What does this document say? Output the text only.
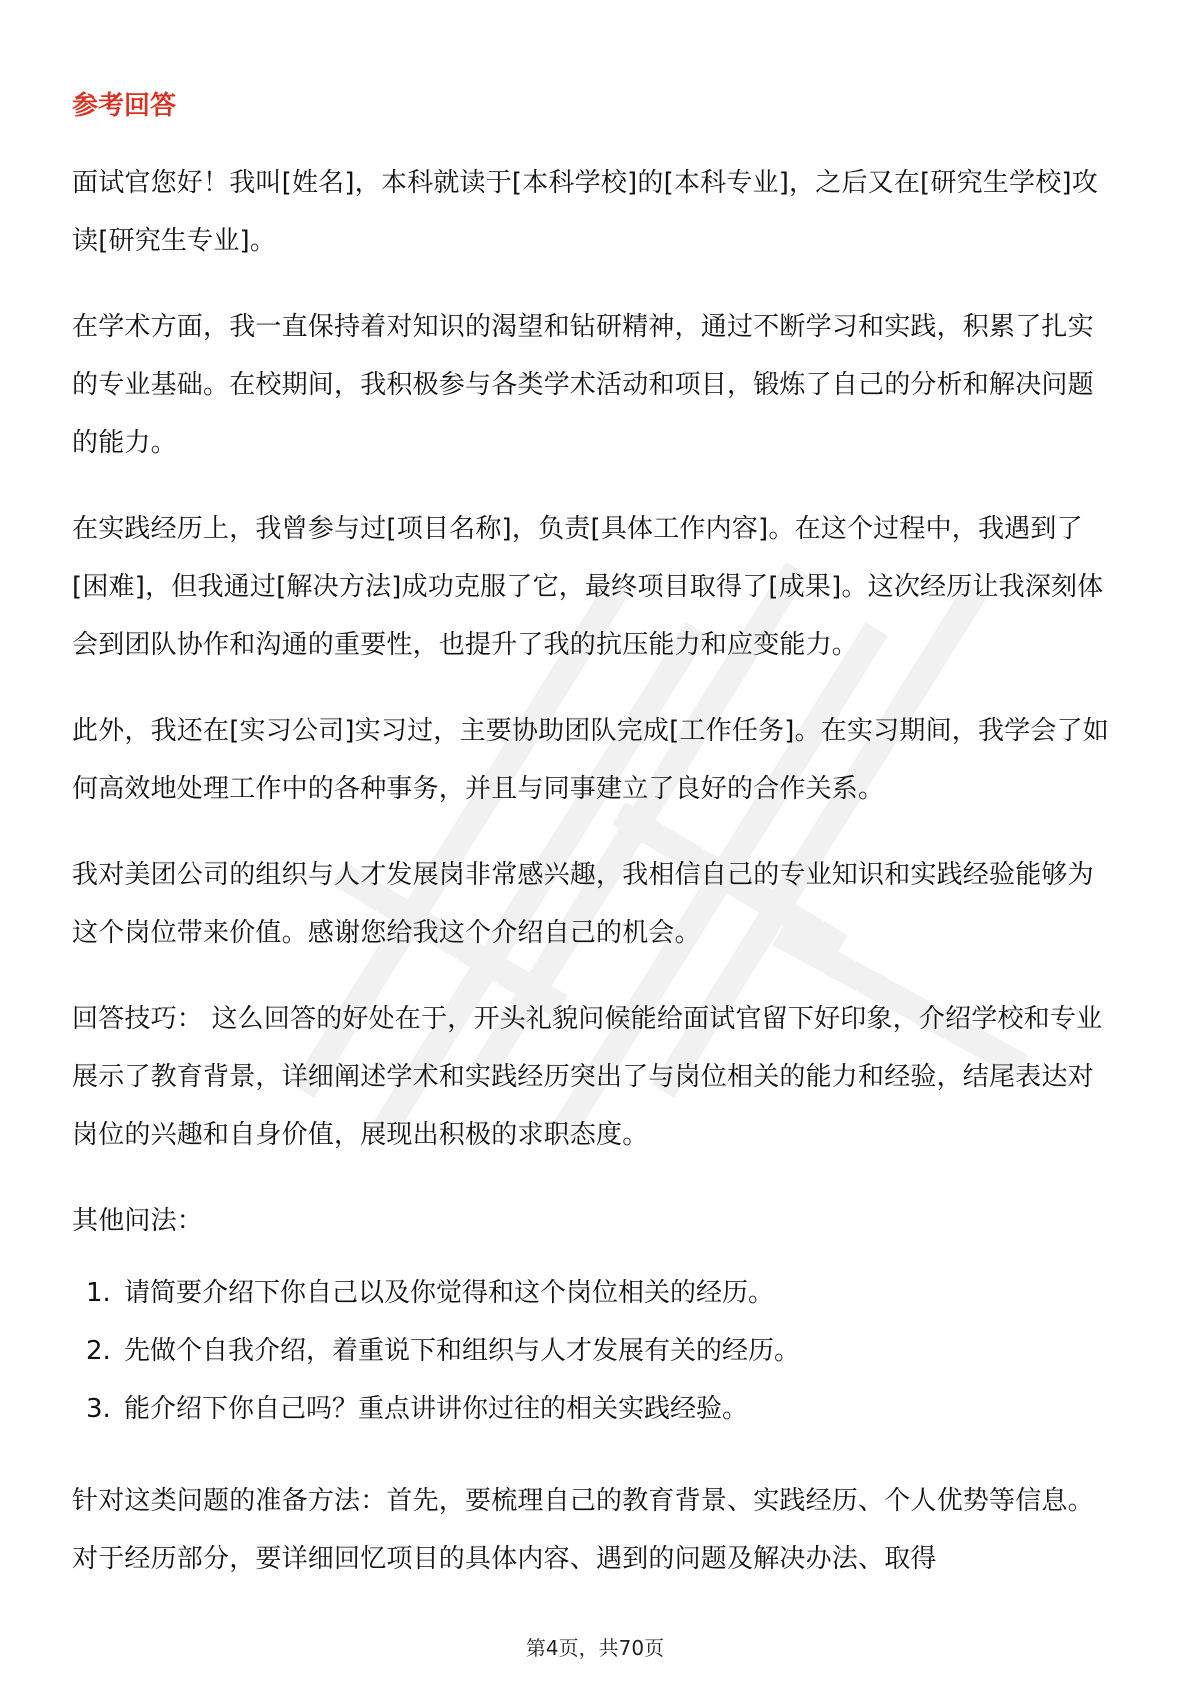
参考回答

面试官您好！我叫[姓名]，本科就读于[本科学校]的[本科专业]，之后又在[研究生学校]攻读[研究生专业]。

在学术方面，我一直保持着对知识的渴望和钻研精神，通过不断学习和实践，积累了扎实的专业基础。在校期间，我积极参与各类学术活动和项目，锻炼了自己的分析和解决问题的能力。

在实践经历上，我曾参与过[项目名称]，负责[具体工作内容]。在这个过程中，我遇到了[困难]，但我通过[解决方法]成功克服了它，最终项目取得了[成果]。这次经历让我深刻体会到团队协作和沟通的重要性，也提升了我的抗压能力和应变能力。

此外，我还在[实习公司]实习过，主要协助团队完成[工作任务]。在实习期间，我学会了如何高效地处理工作中的各种事务，并且与同事建立了良好的合作关系。

我对美团公司的组织与人才发展岗非常感兴趣，我相信自己的专业知识和实践经验能够为这个岗位带来价值。感谢您给我这个介绍自己的机会。

回答技巧： 这么回答的好处在于，开头礼貌问候能给面试官留下好印象，介绍学校和专业展示了教育背景，详细阐述学术和实践经历突出了与岗位相关的能力和经验，结尾表达对岗位的兴趣和自身价值，展现出积极的求职态度。

其他问法：

1. 请简要介绍下你自己以及你觉得和这个岗位相关的经历。
2. 先做个自我介绍，着重说下和组织与人才发展有关的经历。
3. 能介绍下你自己吗？重点讲讲你过往的相关实践经验。

针对这类问题的准备方法：首先，要梳理自己的教育背景、实践经历、个人优势等信息。对于经历部分，要详细回忆项目的具体内容、遇到的问题及解决办法、取得

第4页，共70页
